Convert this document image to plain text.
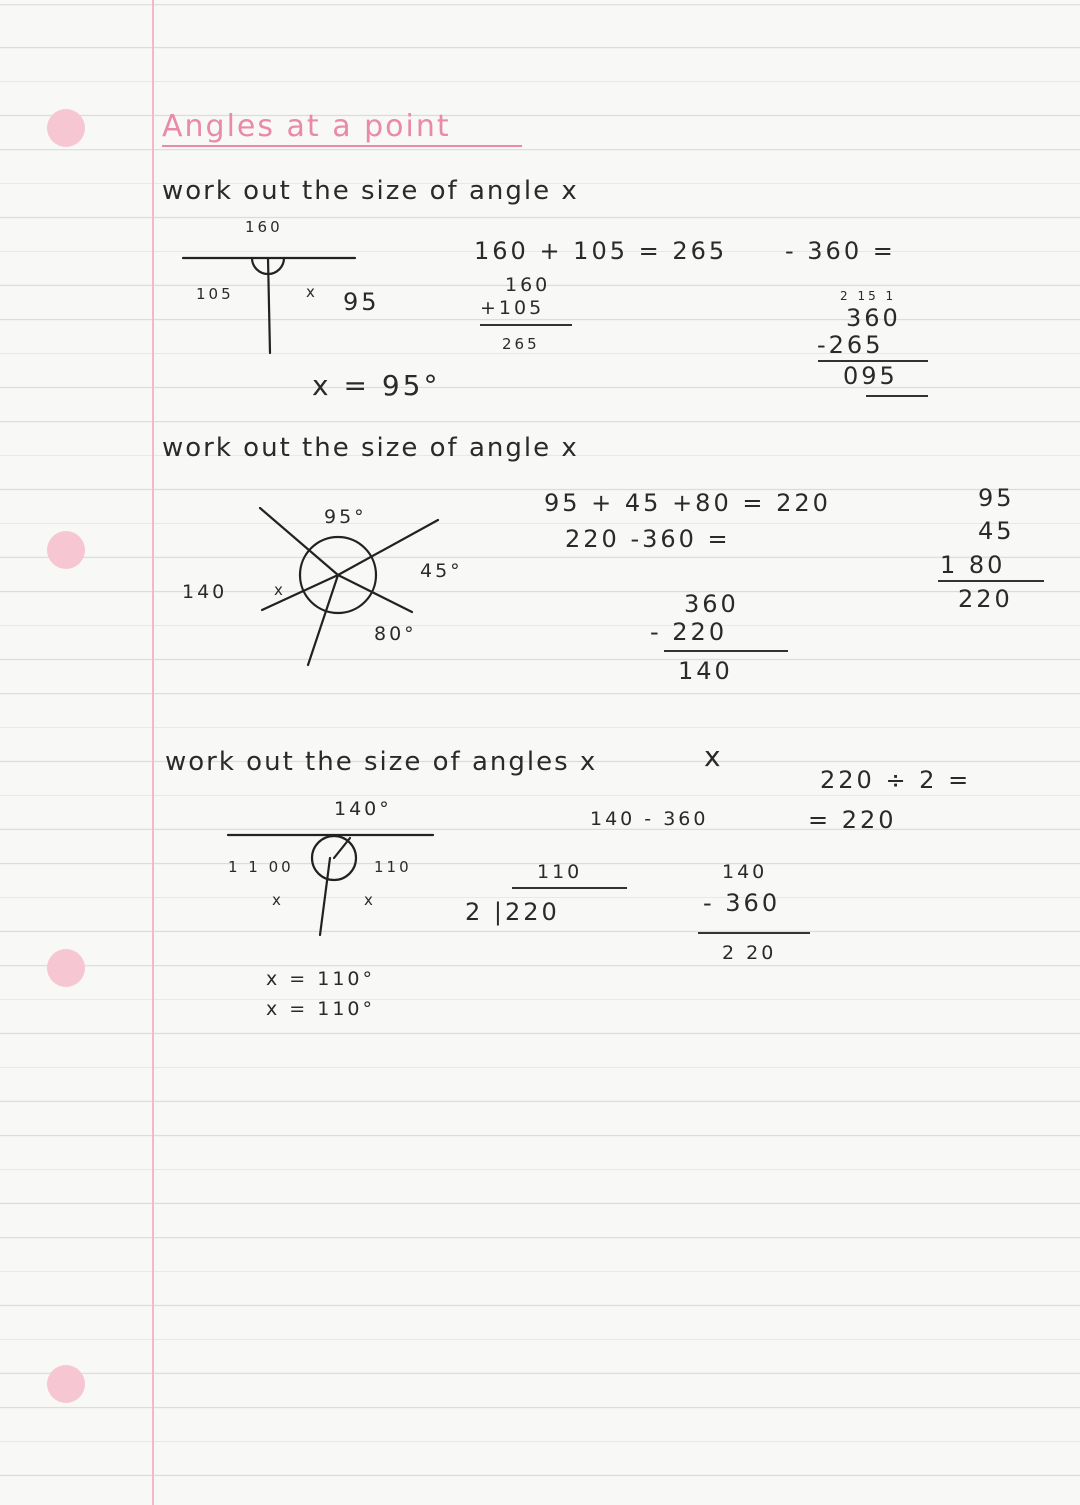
Angles at a point
work out the size of angle x
160
105	x 95
160 + 105 = 265 - 360 =
160
+105
265
2 15 1
360
-265
095
x = 95°
work out the size of angle x
95°
45°
80°
140	x
95 + 45 +80 = 220
220 -360 =
360
- 220
140
95
45
1 80
220
work out the size of angles x	x
140°
1 1 00	110
x	x
220 ÷ 2 =
140 - 360	= 220
110
2 |220
140
- 360
2 20
x = 110°
x = 110°
